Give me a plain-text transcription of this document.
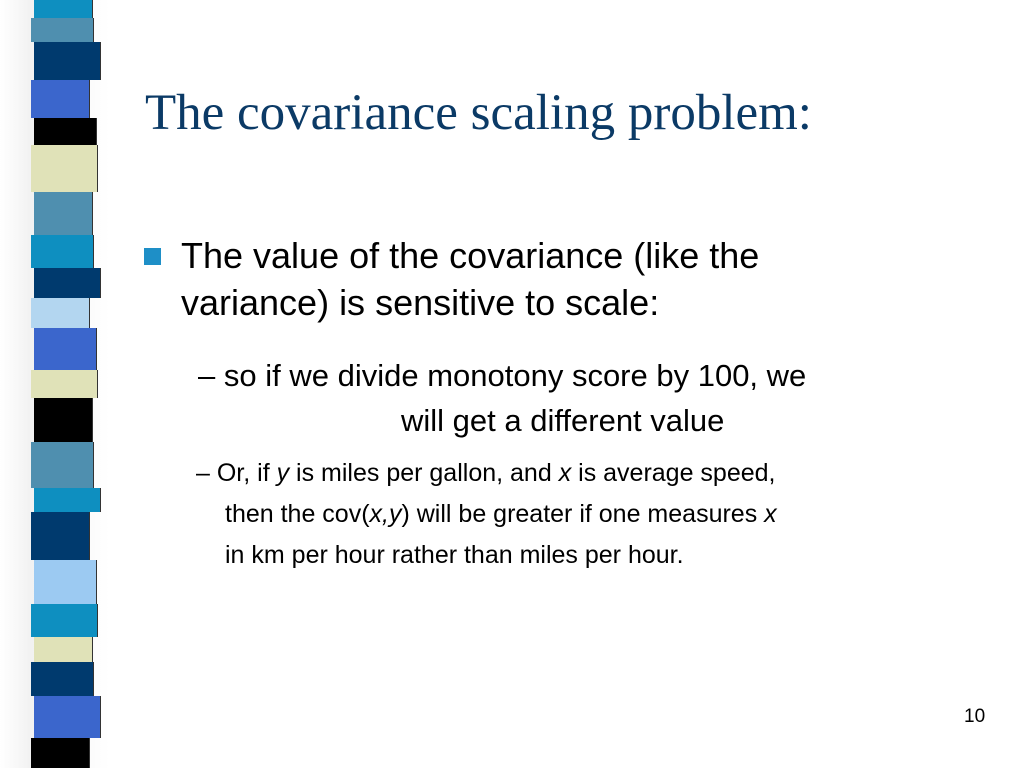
The covariance scaling problem:
The value of the covariance (like the
variance) is sensitive to scale:
– so if we divide monotony score by 100, we
will get a different value
– Or, if y is miles per gallon, and x is average speed,
then the cov(x,y) will be greater if one measures x
in km per hour rather than miles per hour.
10
